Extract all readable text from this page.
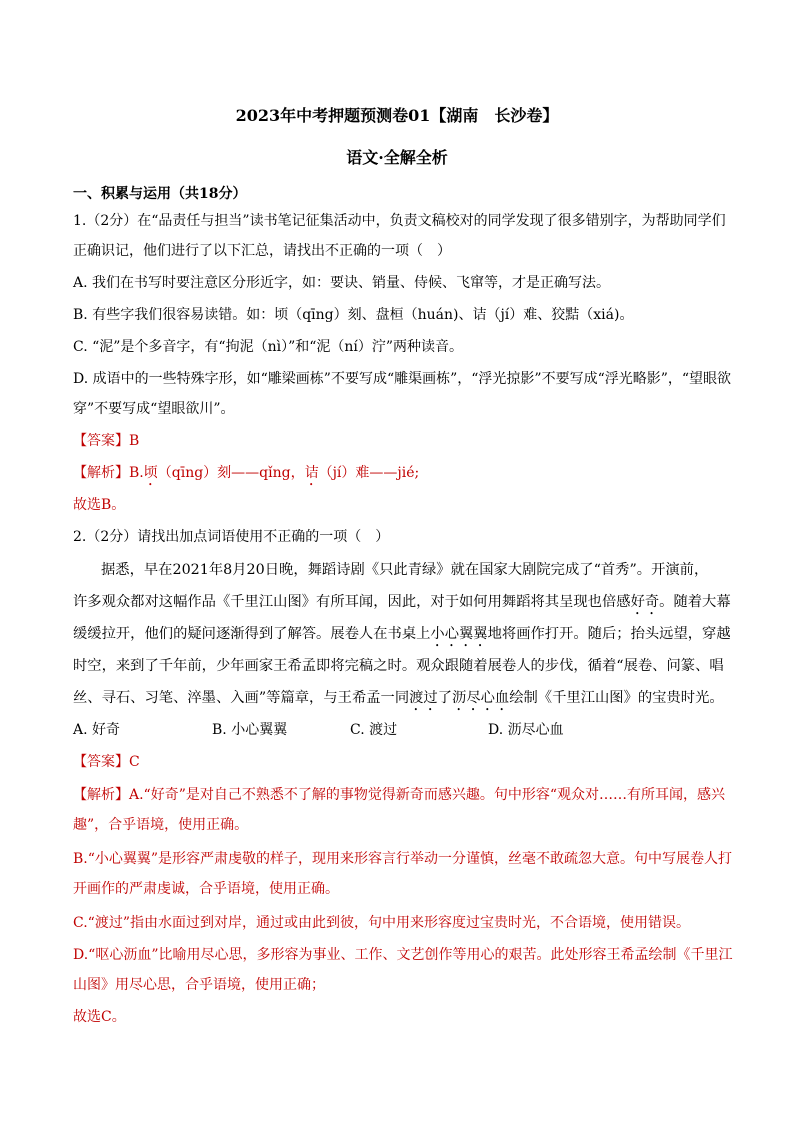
2023年中考押题预测卷01【湖南　长沙卷】
语文·全解全析
一、积累与运用（共18分）
1.（2分）在“品责任与担当”读书笔记征集活动中，负责文稿校对的同学发现了很多错别字，为帮助同学们
正确识记，他们进行了以下汇总，请找出不正确的一项（　）
A. 我们在书写时要注意区分形近字，如：要诀、销量、侍候、飞窜等，才是正确写法。
B. 有些字我们很容易读错。如：顷（qīng）刻、盘桓（huán)、诘（jí）难、狡黠（xiá)。
C. “泥”是个多音字，有“拘泥（nì）”和“泥（ní）泞”两种读音。
D. 成语中的一些特殊字形，如“雕梁画栋”不要写成“雕渠画栋”，“浮光掠影”不要写成“浮光略影”，“望眼欲
穿”不要写成“望眼欲川”。
【答案】B
【解析】B.顷（qīng）刻——qǐng，诘（jí）难——jié;
故选B。
2.（2分）请找出加点词语使用不正确的一项（　）
据悉，早在2021年8月20日晚，舞蹈诗剧《只此青绿》就在国家大剧院完成了“首秀”。开演前，
许多观众都对这幅作品《千里江山图》有所耳闻，因此，对于如何用舞蹈将其呈现也倍感好奇。随着大幕
缓缓拉开，他们的疑问逐渐得到了解答。展卷人在书桌上小心翼翼地将画作打开。随后；抬头远望，穿越
时空，来到了千年前，少年画家王希孟即将完稿之时。观众跟随着展卷人的步伐，循着“展卷、问篆、唱
丝、寻石、习笔、淬墨、入画”等篇章，与王希孟一同渡过了沥尽心血绘制《千里江山图》的宝贵时光。
A. 好奇	B. 小心翼翼	C. 渡过	D. 沥尽心血
【答案】C
【解析】A.“好奇”是对自己不熟悉不了解的事物觉得新奇而感兴趣。句中形容“观众对……有所耳闻，感兴
趣”，合乎语境，使用正确。
B.“小心翼翼”是形容严肃虔敬的样子，现用来形容言行举动一分谨慎，丝毫不敢疏忽大意。句中写展卷人打
开画作的严肃虔诚，合乎语境，使用正确。
C.“渡过”指由水面过到对岸，通过或由此到彼，句中用来形容度过宝贵时光，不合语境，使用错误。
D.“呕心沥血”比喻用尽心思，多形容为事业、工作、文艺创作等用心的艰苦。此处形容王希孟绘制《千里江
山图》用尽心思，合乎语境，使用正确；
故选C。
